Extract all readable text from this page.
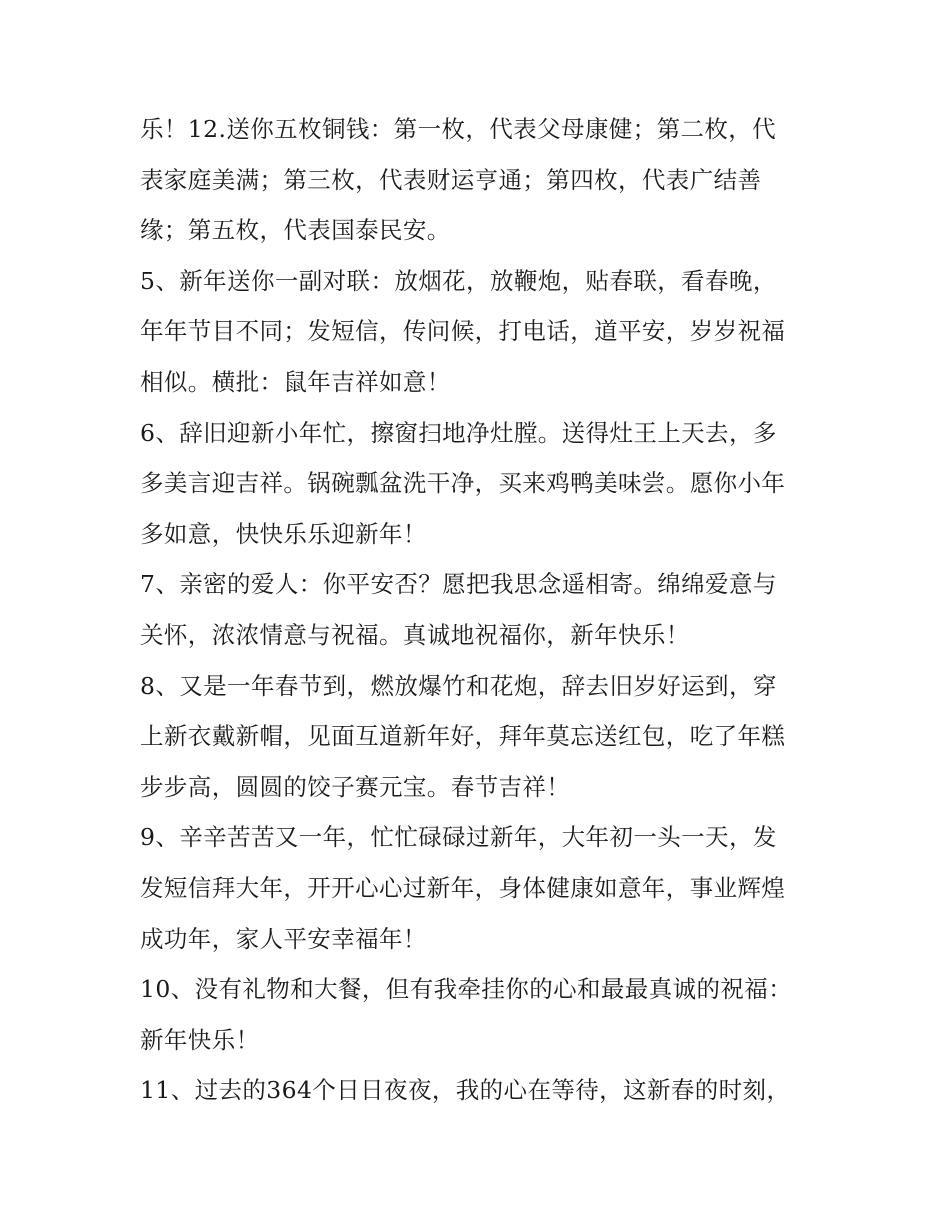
乐！12.送你五枚铜钱：第一枚，代表父母康健；第二枚，代
表家庭美满；第三枚，代表财运亨通；第四枚，代表广结善
缘；第五枚，代表国泰民安。

5、新年送你一副对联：放烟花，放鞭炮，贴春联，看春晚，
年年节目不同；发短信，传问候，打电话，道平安，岁岁祝福
相似。横批：鼠年吉祥如意！

6、辞旧迎新小年忙，擦窗扫地净灶膛。送得灶王上天去，多
多美言迎吉祥。锅碗瓢盆洗干净，买来鸡鸭美味尝。愿你小年
多如意，快快乐乐迎新年！

7、亲密的爱人：你平安否？愿把我思念遥相寄。绵绵爱意与
关怀，浓浓情意与祝福。真诚地祝福你，新年快乐！

8、又是一年春节到，燃放爆竹和花炮，辞去旧岁好运到，穿
上新衣戴新帽，见面互道新年好，拜年莫忘送红包，吃了年糕
步步高，圆圆的饺子赛元宝。春节吉祥！

9、辛辛苦苦又一年，忙忙碌碌过新年，大年初一头一天，发
发短信拜大年，开开心心过新年，身体健康如意年，事业辉煌
成功年，家人平安幸福年！

10、没有礼物和大餐，但有我牵挂你的心和最最真诚的祝福：
新年快乐！

11、过去的364个日日夜夜，我的心在等待，这新春的时刻，
